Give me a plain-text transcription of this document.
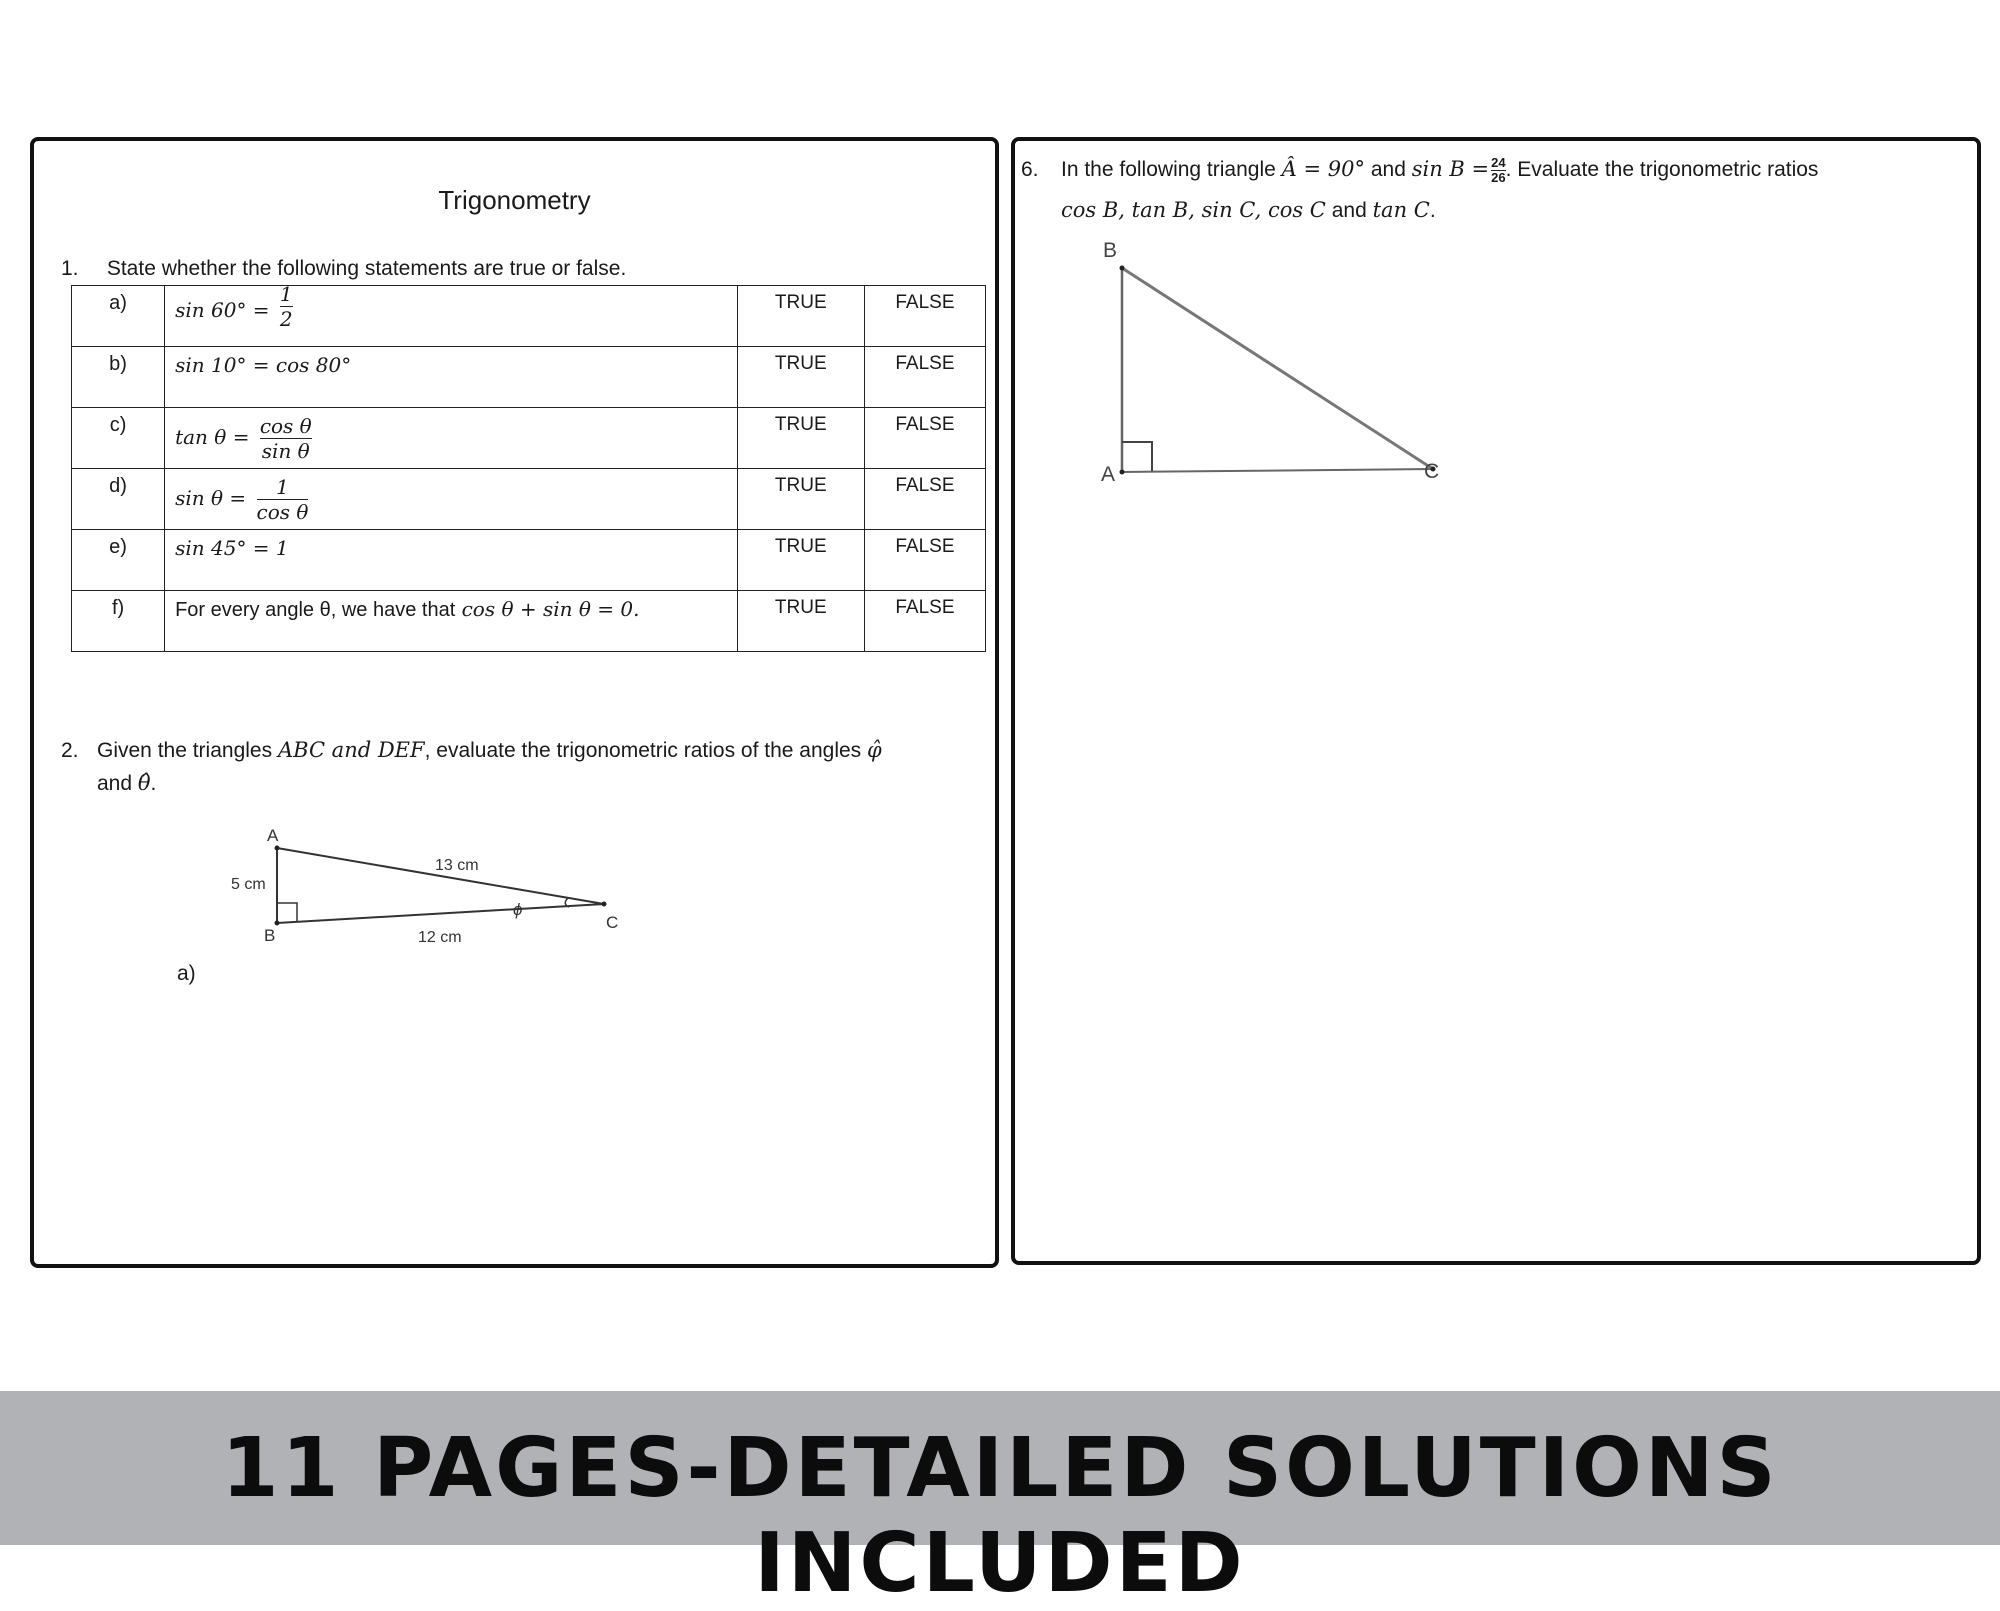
Trigonometry
1. State whether the following statements are true or false.
a)	$\sin 60^\circ = \frac{1}{2}$	TRUE	FALSE
b)	sin 10° = cos 80°	TRUE	FALSE
c)	$\tan \theta = \frac{\text{cos θ}}{\text{sin θ}}$	TRUE	FALSE
d)	$\sin \theta = \frac{1}{\text{cos θ}}$	TRUE	FALSE
e)	sin 45° = 1	TRUE	FALSE
f)	For every angle θ, we have that cos θ + sin θ = 0.	TRUE	FALSE
2. Given the triangles ABC and DEF, evaluate the trigonometric ratios of the angles φ̂
and θ̂.
a)
A
B
C
5 cm
13 cm
12 cm
ϕ
6. In the following triangle Â = 90° and $\sin B = \frac{24}{26}$ . Evaluate the trigonometric ratios
cos B, tan B, sin C, cos C and tan C.
B
A	C
11 PAGES-DETAILED SOLUTIONS INCLUDED
